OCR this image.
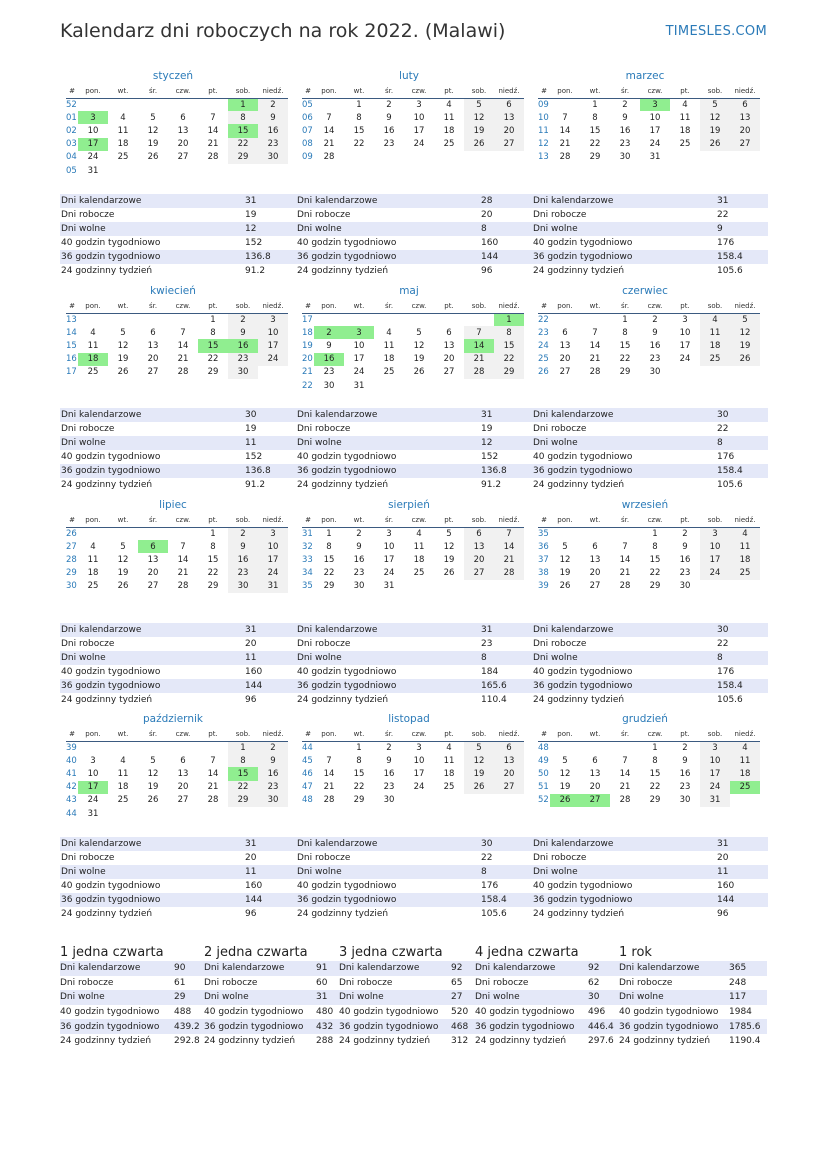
Kalendarz dni roboczych na rok 2022. (Malawi)	TIMESLES.COM
styczeń
#	pon.	wt.	śr.	czw.	pt.	sob.	niedź.
52						1	2
01	3	4	5	6	7	8	9
02	10	11	12	13	14	15	16
03	17	18	19	20	21	22	23
04	24	25	26	27	28	29	30
05	31						
Dni kalendarzowe	31
Dni robocze	19
Dni wolne	12
40 godzin tygodniowo	152
36 godzin tygodniowo	136.8
24 godzinny tydzień	91.2
luty
#	pon.	wt.	śr.	czw.	pt.	sob.	niedź.
05		1	2	3	4	5	6
06	7	8	9	10	11	12	13
07	14	15	16	17	18	19	20
08	21	22	23	24	25	26	27
09	28						
Dni kalendarzowe	28
Dni robocze	20
Dni wolne	8
40 godzin tygodniowo	160
36 godzin tygodniowo	144
24 godzinny tydzień	96
marzec
#	pon.	wt.	śr.	czw.	pt.	sob.	niedź.
09		1	2	3	4	5	6
10	7	8	9	10	11	12	13
11	14	15	16	17	18	19	20
12	21	22	23	24	25	26	27
13	28	29	30	31			
Dni kalendarzowe	31
Dni robocze	22
Dni wolne	9
40 godzin tygodniowo	176
36 godzin tygodniowo	158.4
24 godzinny tydzień	105.6
kwiecień
#	pon.	wt.	śr.	czw.	pt.	sob.	niedź.
13					1	2	3
14	4	5	6	7	8	9	10
15	11	12	13	14	15	16	17
16	18	19	20	21	22	23	24
17	25	26	27	28	29	30	
Dni kalendarzowe	30
Dni robocze	19
Dni wolne	11
40 godzin tygodniowo	152
36 godzin tygodniowo	136.8
24 godzinny tydzień	91.2
maj
#	pon.	wt.	śr.	czw.	pt.	sob.	niedź.
17							1
18	2	3	4	5	6	7	8
19	9	10	11	12	13	14	15
20	16	17	18	19	20	21	22
21	23	24	25	26	27	28	29
22	30	31					
Dni kalendarzowe	31
Dni robocze	19
Dni wolne	12
40 godzin tygodniowo	152
36 godzin tygodniowo	136.8
24 godzinny tydzień	91.2
czerwiec
#	pon.	wt.	śr.	czw.	pt.	sob.	niedź.
22			1	2	3	4	5
23	6	7	8	9	10	11	12
24	13	14	15	16	17	18	19
25	20	21	22	23	24	25	26
26	27	28	29	30			
Dni kalendarzowe	30
Dni robocze	22
Dni wolne	8
40 godzin tygodniowo	176
36 godzin tygodniowo	158.4
24 godzinny tydzień	105.6
lipiec
#	pon.	wt.	śr.	czw.	pt.	sob.	niedź.
26					1	2	3
27	4	5	6	7	8	9	10
28	11	12	13	14	15	16	17
29	18	19	20	21	22	23	24
30	25	26	27	28	29	30	31
Dni kalendarzowe	31
Dni robocze	20
Dni wolne	11
40 godzin tygodniowo	160
36 godzin tygodniowo	144
24 godzinny tydzień	96
sierpień
#	pon.	wt.	śr.	czw.	pt.	sob.	niedź.
31	1	2	3	4	5	6	7
32	8	9	10	11	12	13	14
33	15	16	17	18	19	20	21
34	22	23	24	25	26	27	28
35	29	30	31				
Dni kalendarzowe	31
Dni robocze	23
Dni wolne	8
40 godzin tygodniowo	184
36 godzin tygodniowo	165.6
24 godzinny tydzień	110.4
wrzesień
#	pon.	wt.	śr.	czw.	pt.	sob.	niedź.
35				1	2	3	4
36	5	6	7	8	9	10	11
37	12	13	14	15	16	17	18
38	19	20	21	22	23	24	25
39	26	27	28	29	30		
Dni kalendarzowe	30
Dni robocze	22
Dni wolne	8
40 godzin tygodniowo	176
36 godzin tygodniowo	158.4
24 godzinny tydzień	105.6
październik
#	pon.	wt.	śr.	czw.	pt.	sob.	niedź.
39						1	2
40	3	4	5	6	7	8	9
41	10	11	12	13	14	15	16
42	17	18	19	20	21	22	23
43	24	25	26	27	28	29	30
44	31						
Dni kalendarzowe	31
Dni robocze	20
Dni wolne	11
40 godzin tygodniowo	160
36 godzin tygodniowo	144
24 godzinny tydzień	96
listopad
#	pon.	wt.	śr.	czw.	pt.	sob.	niedź.
44		1	2	3	4	5	6
45	7	8	9	10	11	12	13
46	14	15	16	17	18	19	20
47	21	22	23	24	25	26	27
48	28	29	30				
Dni kalendarzowe	30
Dni robocze	22
Dni wolne	8
40 godzin tygodniowo	176
36 godzin tygodniowo	158.4
24 godzinny tydzień	105.6
grudzień
#	pon.	wt.	śr.	czw.	pt.	sob.	niedź.
48				1	2	3	4
49	5	6	7	8	9	10	11
50	12	13	14	15	16	17	18
51	19	20	21	22	23	24	25
52	26	27	28	29	30	31	
Dni kalendarzowe	31
Dni robocze	20
Dni wolne	11
40 godzin tygodniowo	160
36 godzin tygodniowo	144
24 godzinny tydzień	96
1 jedna czwarta
Dni kalendarzowe	90
Dni robocze	61
Dni wolne	29
40 godzin tygodniowo	488
36 godzin tygodniowo	439.2
24 godzinny tydzień	292.8
2 jedna czwarta
Dni kalendarzowe	91
Dni robocze	60
Dni wolne	31
40 godzin tygodniowo	480
36 godzin tygodniowo	432
24 godzinny tydzień	288
3 jedna czwarta
Dni kalendarzowe	92
Dni robocze	65
Dni wolne	27
40 godzin tygodniowo	520
36 godzin tygodniowo	468
24 godzinny tydzień	312
4 jedna czwarta
Dni kalendarzowe	92
Dni robocze	62
Dni wolne	30
40 godzin tygodniowo	496
36 godzin tygodniowo	446.4
24 godzinny tydzień	297.6
1 rok
Dni kalendarzowe	365
Dni robocze	248
Dni wolne	117
40 godzin tygodniowo	1984
36 godzin tygodniowo	1785.6
24 godzinny tydzień	1190.4
